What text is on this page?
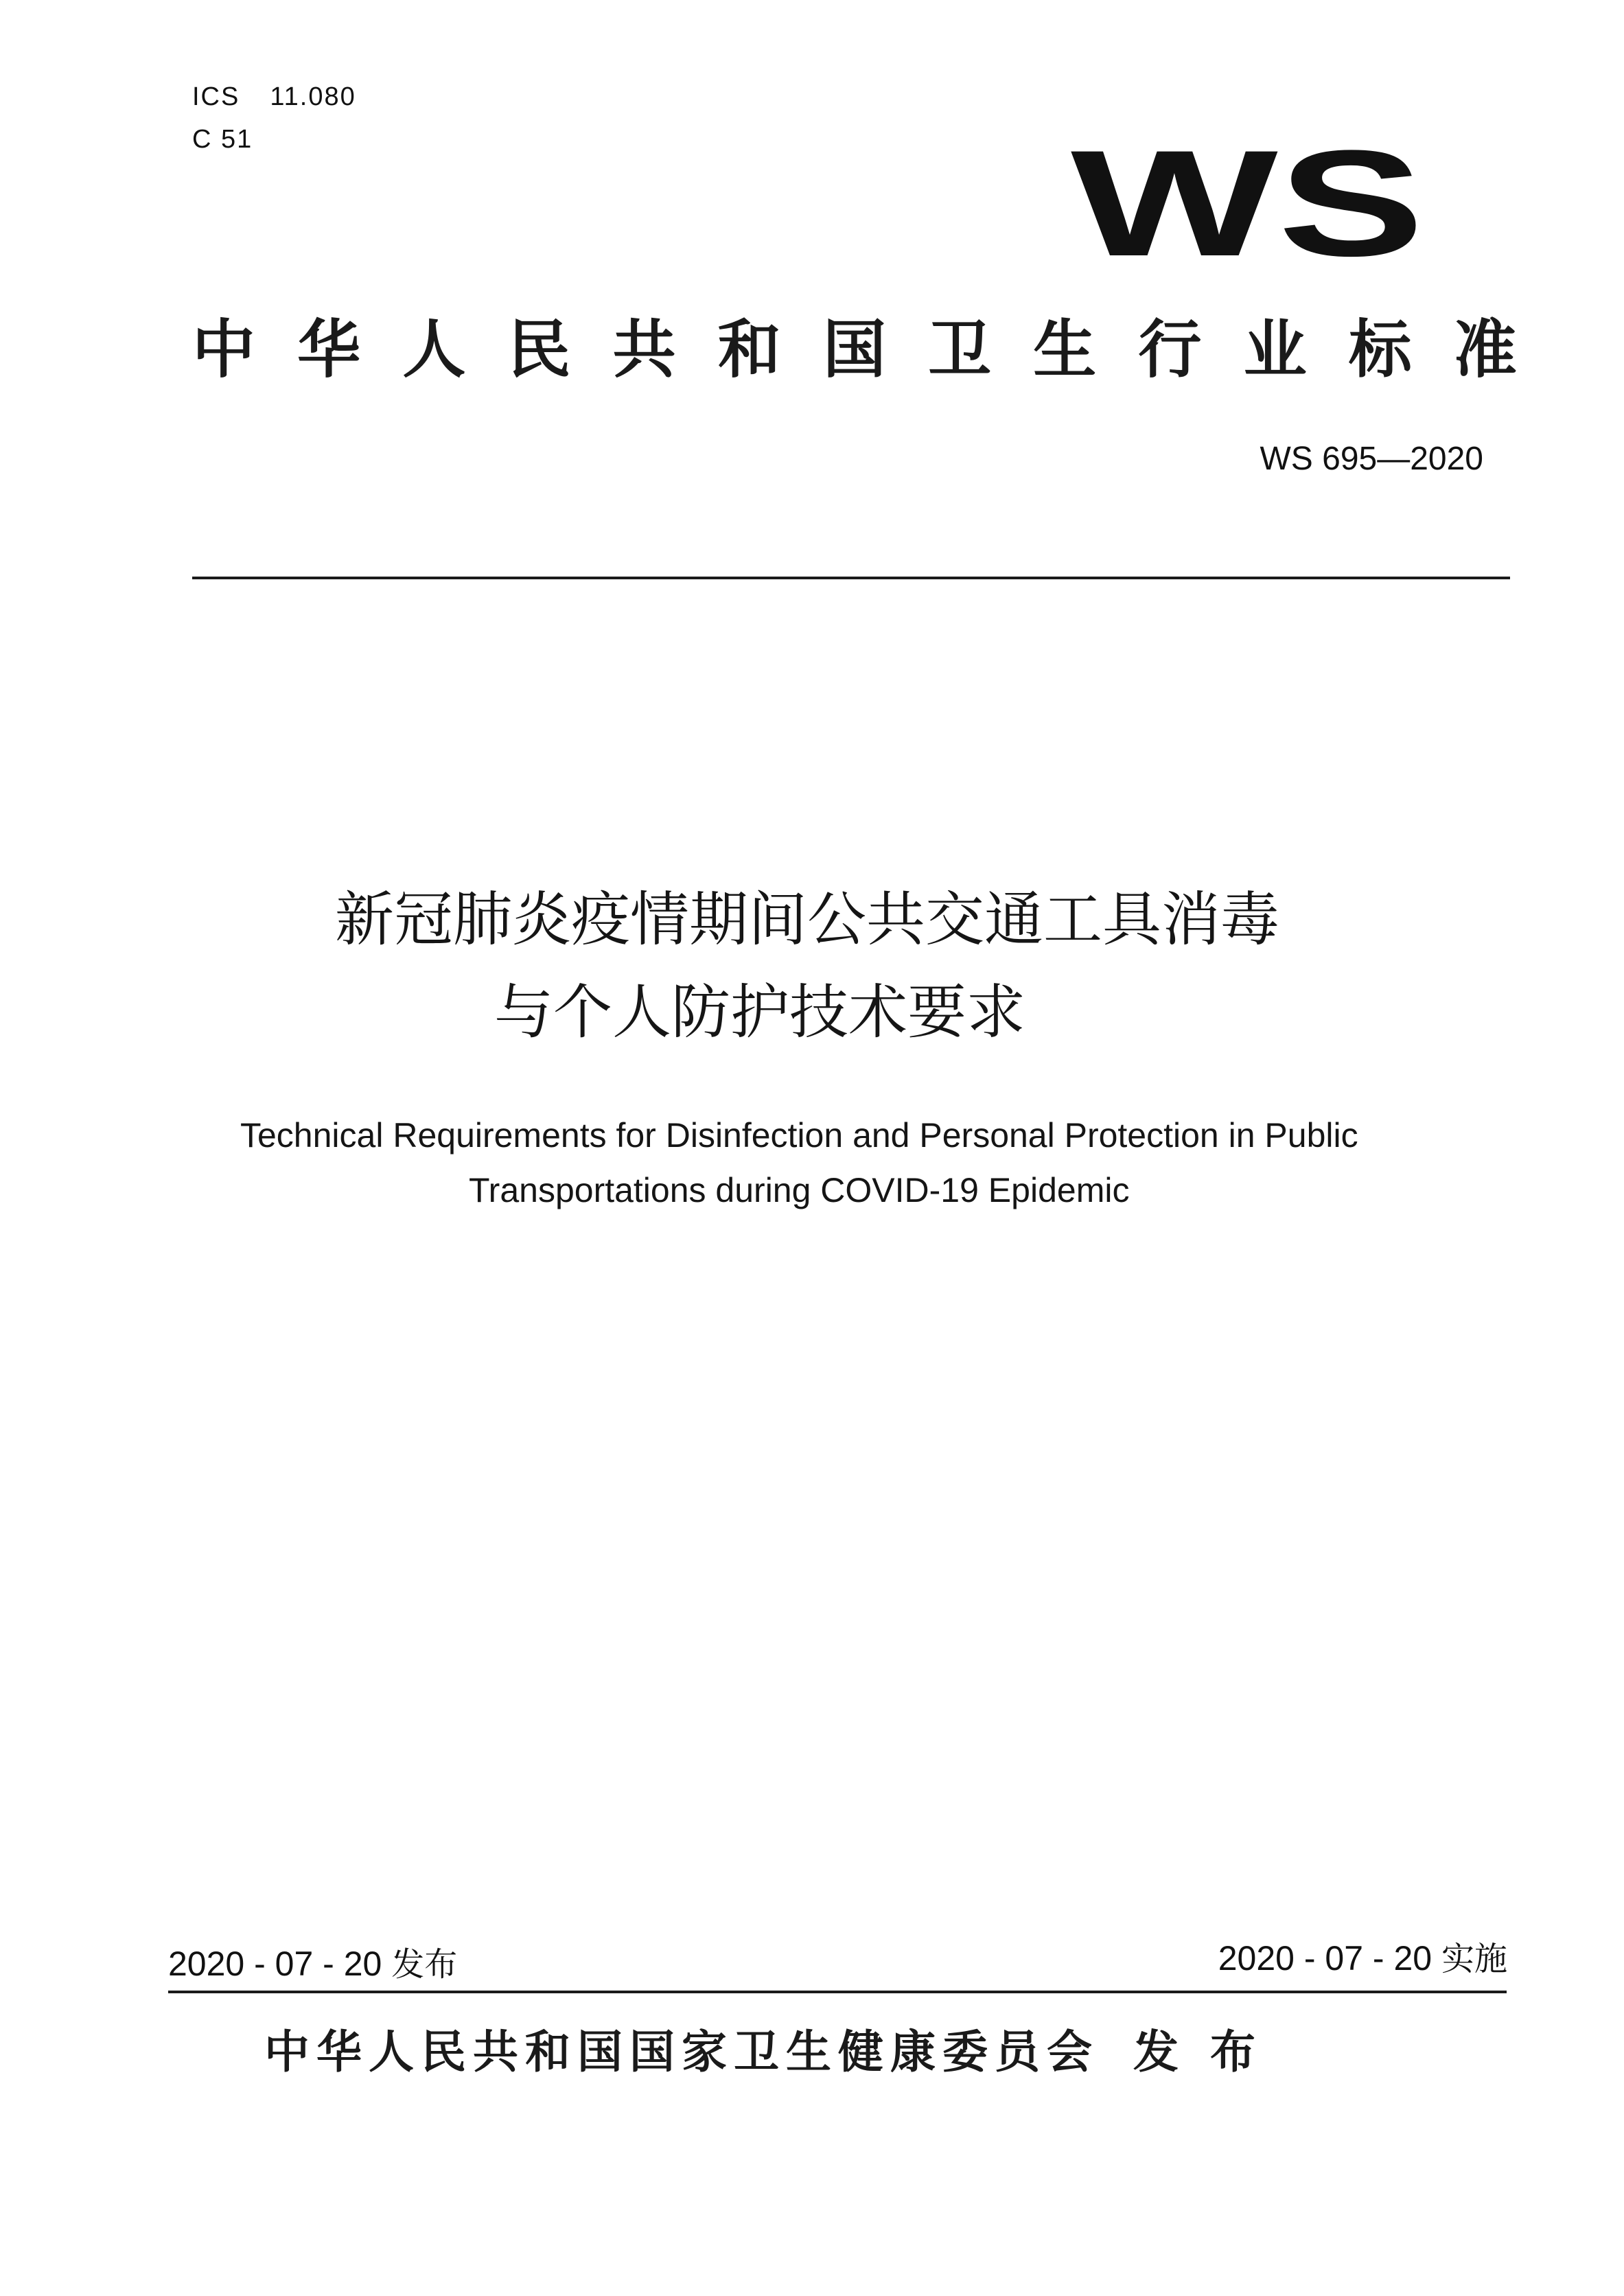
ICS 11.080
C 51	WS
中 华 人 民 共 和 国 卫 生 行 业 标 准
WS 695—2020
新冠肺炎疫情期间公共交通工具消毒
与个人防护技术要求
Technical Requirements for Disinfection and Personal Protection in Public
Transportations during COVID-19 Epidemic
2020 - 07 - 20 发布	2020 - 07 - 20 实施
中华人民共和国国家卫生健康委员会 发布
